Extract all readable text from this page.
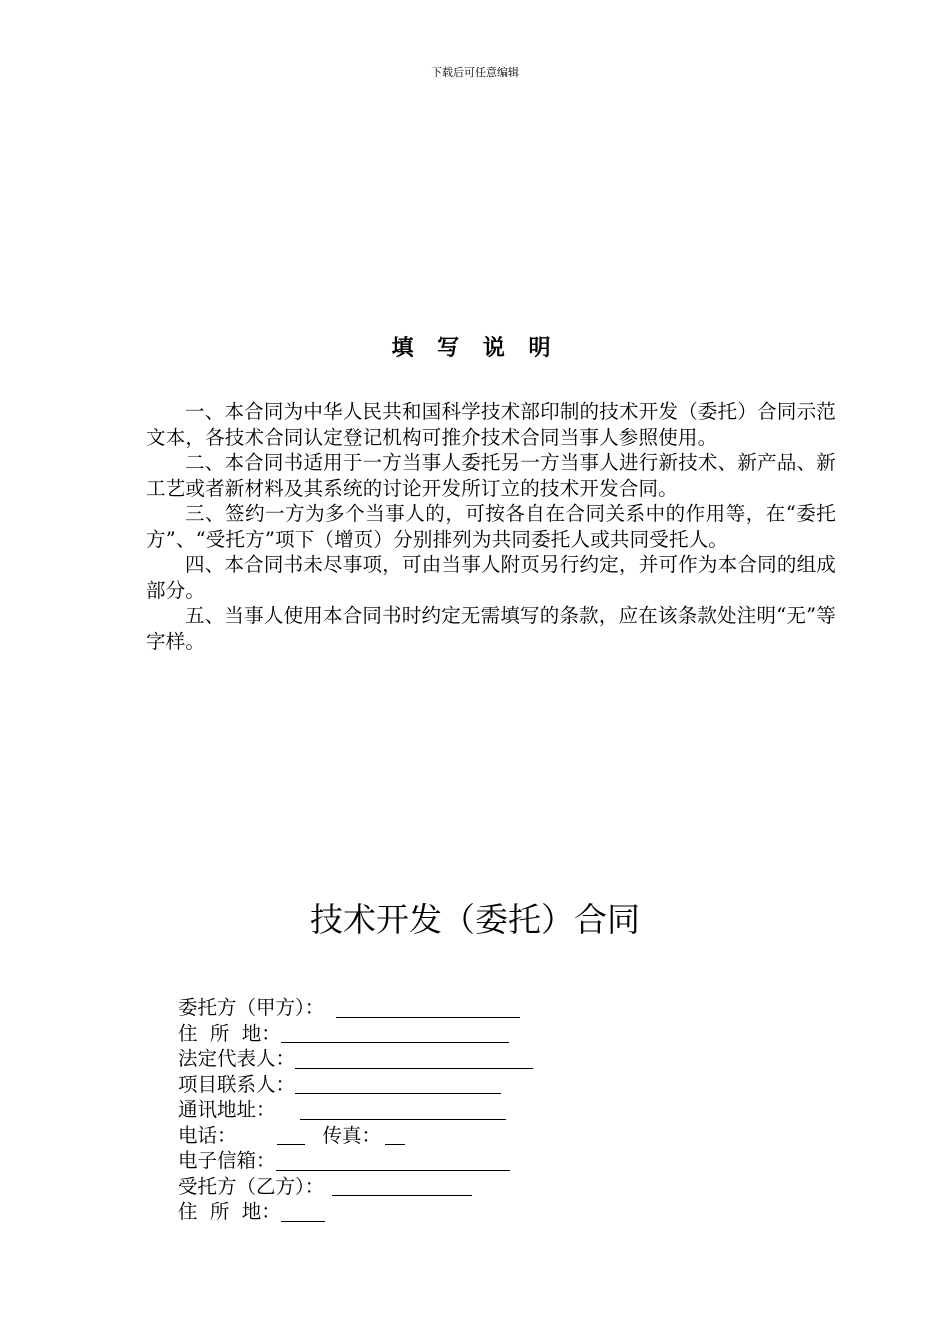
下载后可任意编辑
填 写 说 明

一、本合同为中华人民共和国科学技术部印制的技术开发（委托）合同示范文本，各技术合同认定登记机构可推介技术合同当事人参照使用。

二、本合同书适用于一方当事人委托另一方当事人进行新技术、新产品、新工艺或者新材料及其系统的讨论开发所订立的技术开发合同。

三、签约一方为多个当事人的，可按各自在合同关系中的作用等，在“委托方”、“受托方”项下（增页）分别排列为共同委托人或共同受托人。

四、本合同书未尽事项，可由当事人附页另行约定，并可作为本合同的组成部分。

五、当事人使用本合同书时约定无需填写的条款，应在该条款处注明“无”等字样。

技术开发（委托）合同
委托方（甲方）：
住  所  地：
法定代表人：
项目联系人：
通讯地址：
电话：	传真：
电子信箱：
受托方（乙方）：
住  所  地：
